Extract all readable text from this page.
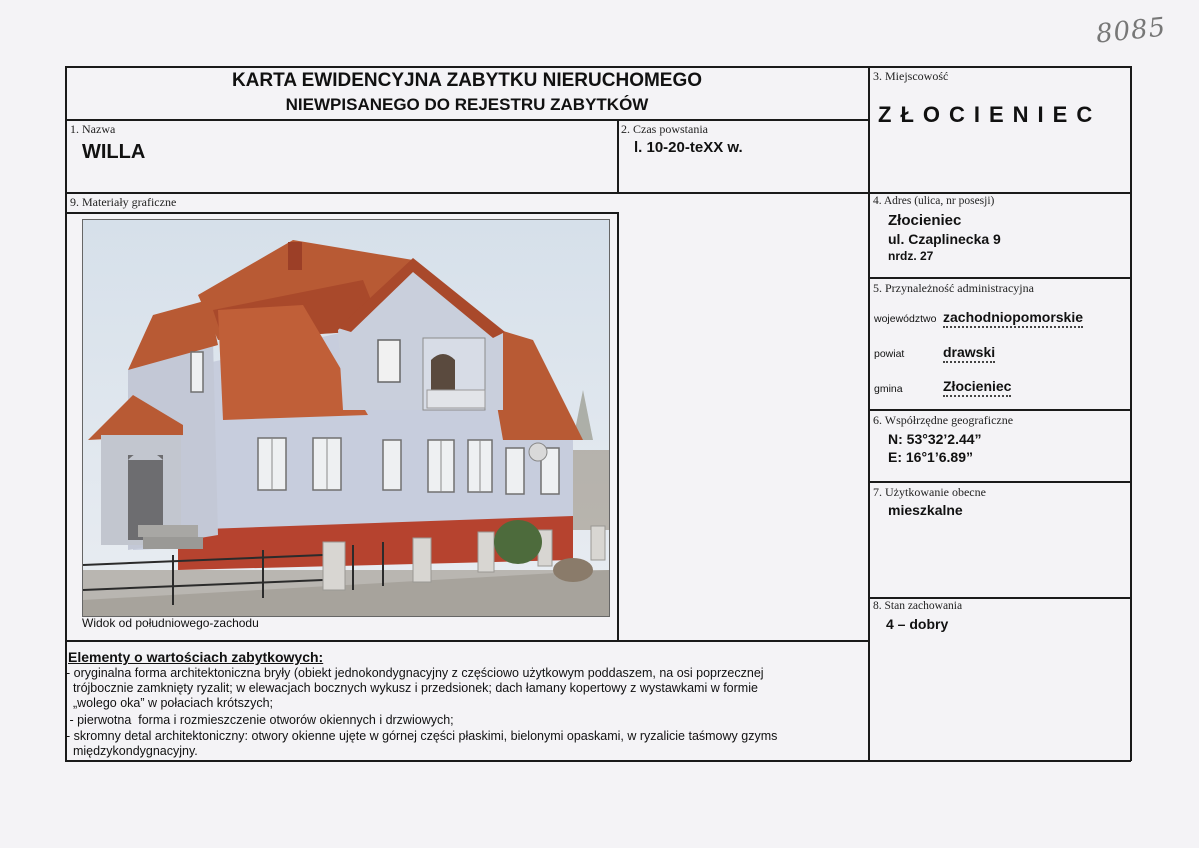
8085
KARTA EWIDENCYJNA ZABYTKU NIERUCHOMEGO
NIEWPISANEGO DO REJESTRU ZABYTKÓW
1. Nazwa
WILLA
2. Czas powstania
l. 10-20-teXX w.
3. Miejscowość
ZŁOCIENIEC
4. Adres (ulica, nr posesji)
Złocieniec
ul. Czaplinecka 9
nrdz. 27
5. Przynależność administracyjna
województwo zachodniopomorskie
powiat	drawski
gmina	Złocieniec
6. Współrzędne geograficzne
N: 53°32’2.44”
E: 16°1’6.89”
7. Użytkowanie obecne
mieszkalne
8. Stan zachowania
4 – dobry
9. Materiały graficzne
Widok od południowego-zachodu
Elementy o wartościach zabytkowych:
- oryginalna forma architektoniczna bryły (obiekt jednokondygnacyjny z częściowo użytkowym poddaszem, na osi poprzecznej
trójbocznie zamknięty ryzalit; w elewacjach bocznych wykusz i przedsionek; dach łamany kopertowy z wystawkami w formie
„wolego oka” w połaciach krótszych;
- pierwotna  forma i rozmieszczenie otworów okiennych i drzwiowych;
- skromny detal architektoniczny: otwory okienne ujęte w górnej części płaskimi, bielonymi opaskami, w ryzalicie taśmowy gzyms
międzykondygnacyjny.
